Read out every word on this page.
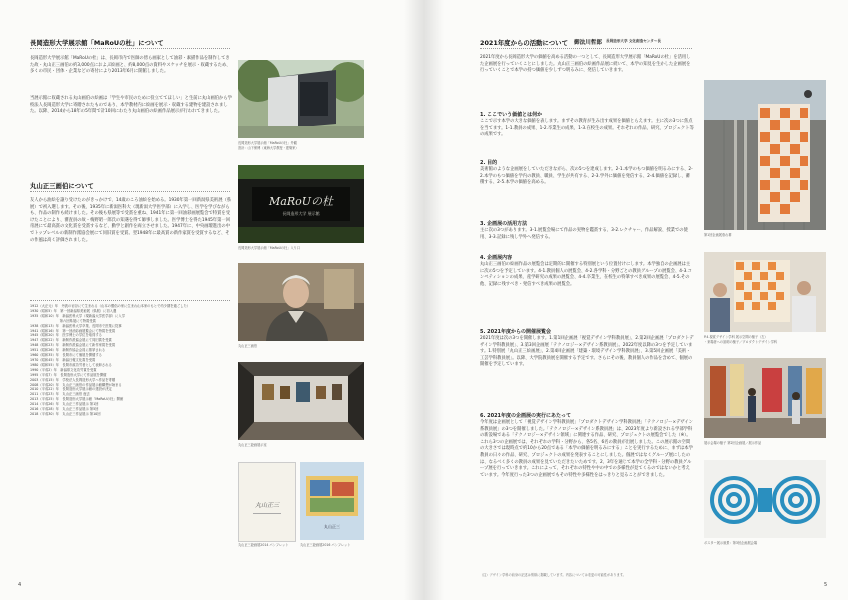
長岡造形大学展示館「MaRoUの杜」について
長岡造形大学展示館「MaRoUの杜」は、長岡市内で医師の傍ら画家として油彩・素描作品を制作してきた故・丸山正三画伯の約3,000点におよぶ絵画と、約8,000点の資料やスケッチを展示・収蔵するため、多くの市民・団体・企業などの寄付により2013年6月に開館しました。
当展示館に収蔵される丸山画伯の絵画は「学生や市民のために役立ててほしい」と生前に丸山画伯から学校法人長岡造形大学に寄贈されたものであり、本学教材内に絵画を展示・収蔵する建物を建設されました。以降、2014から18年の5年間で計10回にわたり丸山画伯の絵画作品展示が行われてきました。
丸山正三画伯について
友人から油絵を譲り受けたのがきっかけで、14歳のころ油絵を始める。1930年第一回新潟県美術展（県展）で初入選します。その後、1935年に新潟医科大（現新潟大学医学部）に入学し、医学を学びながらも、作品の制作も続けました。その後も県展等で受賞を重ね、1941年に第一回油彩画展覧会で特賞を受けたことにより、審査員の故・梅野昭一郎氏の知遇を得て師事しました。医学博士を得た1945年第一回帝展にて最高賞の文化賞を受賞するなど、勤学と創作を両立させました。1947年に、中央画壇進出の中でトップレベルの新制作派協会展にて同旧賞を受賞。翌1948年に最高賞の新作家賞を受賞するなど、その作風は高く評価されました。
1912（大正元）年　丹波の岩谷にて生まれる（山本の僧侶の家に生まれ山本家のもとで幼少期を過ごした）
1930（昭和5）年　第一回新潟県美術展（県展）に初入選
1935（昭和10）年　新潟医科大学（現新潟大学医学部）に入学
　　　　　　　　　第六回県展にて特賞受賞
1938（昭和13）年　新潟医科大学卒業、長岡市で医業に従事
1941（昭和16）年　第一回油彩画展覧会にて特賞を受賞
1945（昭和20）年　医学博士の学位を取得する
1947（昭和22）年　新制作派協会展にて同旧賞を受賞
1948（昭和23）年　新制作派協会展にて新作家賞を受賞
1951（昭和26）年　新制作協会会員に推挙される
1960（昭和35）年　長岡市にて個展を開催する
1970（昭和45）年　新潟日報文化賞を受賞
1980（昭和55）年　長岡市政功労者として表彰される
1990（平成2）年　新潟県文化功労賞を受賞
1995（平成7）年　長岡造形大学にて作品展を開催
2003（平成15）年　学校法人長岡造形大学へ作品を寄贈
2008（平成20）年　丸山正三画伯の作品展示館構想が始まる
2010（平成22）年　長岡造形大学展示館の建設が決定
2011（平成23）年　丸山正三画伯 逝去
2013（平成25）年　長岡造形大学展示館「MaRoUの杜」開館
2014（平成26）年　丸山正三作品展示 第1回
2016（平成28）年　丸山正三作品展示 第5回
2018（平成30）年　丸山正三作品展示 第10回
長岡造形大学展示館「MaRoUの杜」外観
設計：山下保博（東海大学教授・建築家）
MaRoUの杜
長岡造形大学 展示館
長岡造形大学展示館「MaRoUの杜」入り口
丸山正三画伯
丸山正三絵画展示室
丸山正三
丸山正三
丸山正三絵画展2014 パンフレット	丸山正三絵画展2016 パンフレット
4
2021年度からの活動について 御法川哲郎 長岡造形大学 文化創造センター長
2021年度から長岡造形大学の価値を高める活動の一つとして、長岡造形大学展示館「MaRoUの杜」を活用した企画展を行っていくことにしました。丸山正三画伯の絵画作品展に続いて、本学の知見を生かした企画展を行っていくことで本学の持つ価値を少しずつ明るみに、発信していきます。
1. ここでいう価値とは何か
ここで示す本学の大きな価値を表します。まずその教育が生み出す成果を価値とらえます。主に次の3つに焦点を当てます。1-1.教員の成果、1-2.卒業生の成果、1-3.在校生の成果。それぞれの作品、研究、プロジェクト等の成果です。
2. 目的
美術館のような企画展をしていただきながら、次の5つを達成します。2-1.本学のもつ価値を明るみにする、2-2.本学のもつ価値を学内の教員、職員、学生が共有する、2-3.学外に価値を発信する、2-4.価値を記録し、蓄積する、2-5.本学の価値を高める。
3. 企画展の活用方法
主に次の3つがあります。3-1.展覧会場にて作品の実物を鑑賞する、3-2.レクチャー、作品解説、授業での使用、3-3.記録に残し学外へ発信する。
4. 企画展内容
丸山正三画伯の絵画作品の展覧会は定期的に開催する特別展という位置付けにします。本学独自の企画展は主に次の5つを予定しています。4-1.教員個人の展覧会、4-2.各学科・分野ごとの教員グループの展覧会、4-3.コンペティションの成果、産学研究の成果の展覧会、4-4.卒業生、在校生の特筆すべき成果の展覧会、4-5.その他、記録に残すべき・発信すべき成果の展覧会。
5. 2021年度からの開催展覧会
2021年度は次の3つを開催します。1.第1回企画展「視覚デザイン学科教員展」、2.第2回企画展「プロダクトデザイン学科教員展」、3.第3回企画展「テクノロジー×デザイン系教員展」。2022年度以降の3つを予定しています。1.特別展「丸山正三絵画展」、2.第4回企画展「建築・環境デザイン学科教員展」、3.第5回企画展「美術・工芸学科教員展」。以降、大学院教員展を開催する予定です。さらにその後、教員個人の作品を含めて、個展の開催を予定しています。
6. 2021年度の企画展の実行にあたって
今年度は企画展として「視覚デザイン学科教員展」「プロダクトデザイン学科教員展」「テクノロジー×デザイン系教員展」の3つを開催しました。「テクノロジー×デザイン系教員展」は、2023年度より新設される学部学科の新設場である「テクノロジー×デザイン領域」に関連する作品、研究、プロジェクトの展覧会でした（※）。これら3つの企画展では、それぞれの学科・分野から、各5名、6名の教員が出展しました。この展示館の空間の大きさでは現時点で約10から20点である「本学の価値を明るみにする」ことを実行するために、まずは本学教員の日々の作品、研究、プロジェクトの成果を発表することにしました。個展ではなくグループ展にしたのは、なるべく多くの教員の成果を見ていただきたいためです。2、3年を通じて本学の全学科・分野の教員グループ展を行っていきます。これによって、それぞれの特性や中の中での多様性が見てくるのではないかと考えています。今年度行った3つの企画展でもその特性や多様性をはっきりと見ることができました。
（注）デザイン学科の前身の記述は別紙に掲載しています。内容については変更の可能性があります。
第1回企画展垂れ幕
P.4.視覚デザイン学科 展示空間の様子（左）
・来場者への説明の様子／プロダクトデザイン学科
展示会場の様子 第2回企画展／展示作品
ポスター展示風景：第3回企画展会場
5
